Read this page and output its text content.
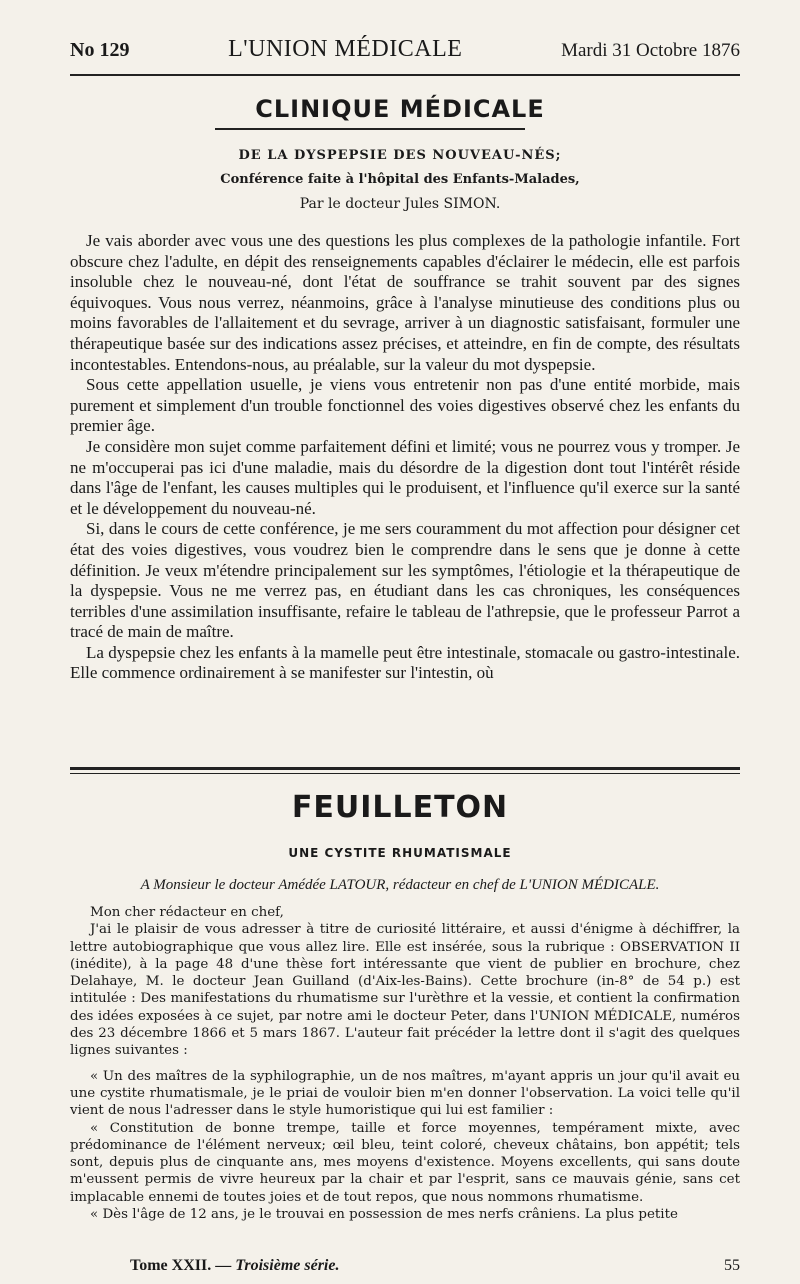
No 129	L'UNION MÉDICALE	Mardi 31 Octobre 1876
CLINIQUE MÉDICALE
DE LA DYSPEPSIE DES NOUVEAU-NÉS;
Conférence faite à l'hôpital des Enfants-Malades,
Par le docteur Jules SIMON.

Je vais aborder avec vous une des questions les plus complexes de la pathologie infantile. Fort obscure chez l'adulte, en dépit des renseignements capables d'éclairer le médecin, elle est parfois insoluble chez le nouveau-né, dont l'état de souffrance se trahit souvent par des signes équivoques. Vous nous verrez, néanmoins, grâce à l'analyse minutieuse des conditions plus ou moins favorables de l'allaitement et du sevrage, arriver à un diagnostic satisfaisant, formuler une thérapeutique basée sur des indications assez précises, et atteindre, en fin de compte, des résultats incontestables. Entendons-nous, au préalable, sur la valeur du mot dyspepsie.

Sous cette appellation usuelle, je viens vous entretenir non pas d'une entité morbide, mais purement et simplement d'un trouble fonctionnel des voies digestives observé chez les enfants du premier âge.

Je considère mon sujet comme parfaitement défini et limité; vous ne pourrez vous y tromper. Je ne m'occuperai pas ici d'une maladie, mais du désordre de la digestion dont tout l'intérêt réside dans l'âge de l'enfant, les causes multiples qui le produisent, et l'influence qu'il exerce sur la santé et le développement du nouveau-né.

Si, dans le cours de cette conférence, je me sers couramment du mot affection pour désigner cet état des voies digestives, vous voudrez bien le comprendre dans le sens que je donne à cette définition. Je veux m'étendre principalement sur les symptômes, l'étiologie et la thérapeutique de la dyspepsie. Vous ne me verrez pas, en étudiant dans les cas chroniques, les conséquences terribles d'une assimilation insuffisante, refaire le tableau de l'athrepsie, que le professeur Parrot a tracé de main de maître.

La dyspepsie chez les enfants à la mamelle peut être intestinale, stomacale ou gastro-intestinale. Elle commence ordinairement à se manifester sur l'intestin, où

FEUILLETON
UNE CYSTITE RHUMATISMALE
A Monsieur le docteur Amédée LATOUR, rédacteur en chef de L'UNION MÉDICALE.

Mon cher rédacteur en chef,

J'ai le plaisir de vous adresser à titre de curiosité littéraire, et aussi d'énigme à déchiffrer, la lettre autobiographique que vous allez lire. Elle est insérée, sous la rubrique : OBSERVATION II (inédite), à la page 48 d'une thèse fort intéressante que vient de publier en brochure, chez Delahaye, M. le docteur Jean Guilland (d'Aix-les-Bains). Cette brochure (in-8° de 54 p.) est intitulée : Des manifestations du rhumatisme sur l'urèthre et la vessie, et contient la confirmation des idées exposées à ce sujet, par notre ami le docteur Peter, dans l'UNION MÉDICALE, numéros des 23 décembre 1866 et 5 mars 1867. L'auteur fait précéder la lettre dont il s'agit des quelques lignes suivantes :

« Un des maîtres de la syphilographie, un de nos maîtres, m'ayant appris un jour qu'il avait eu une cystite rhumatismale, je le priai de vouloir bien m'en donner l'observation. La voici telle qu'il vient de nous l'adresser dans le style humoristique qui lui est familier :

« Constitution de bonne trempe, taille et force moyennes, tempérament mixte, avec prédominance de l'élément nerveux; œil bleu, teint coloré, cheveux châtains, bon appétit; tels sont, depuis plus de cinquante ans, mes moyens d'existence. Moyens excellents, qui sans doute m'eussent permis de vivre heureux par la chair et par l'esprit, sans ce mauvais génie, sans cet implacable ennemi de toutes joies et de tout repos, que nous nommons rhumatisme.

« Dès l'âge de 12 ans, je le trouvai en possession de mes nerfs crâniens. La plus petite

Tome XXII. — Troisième série.	55
